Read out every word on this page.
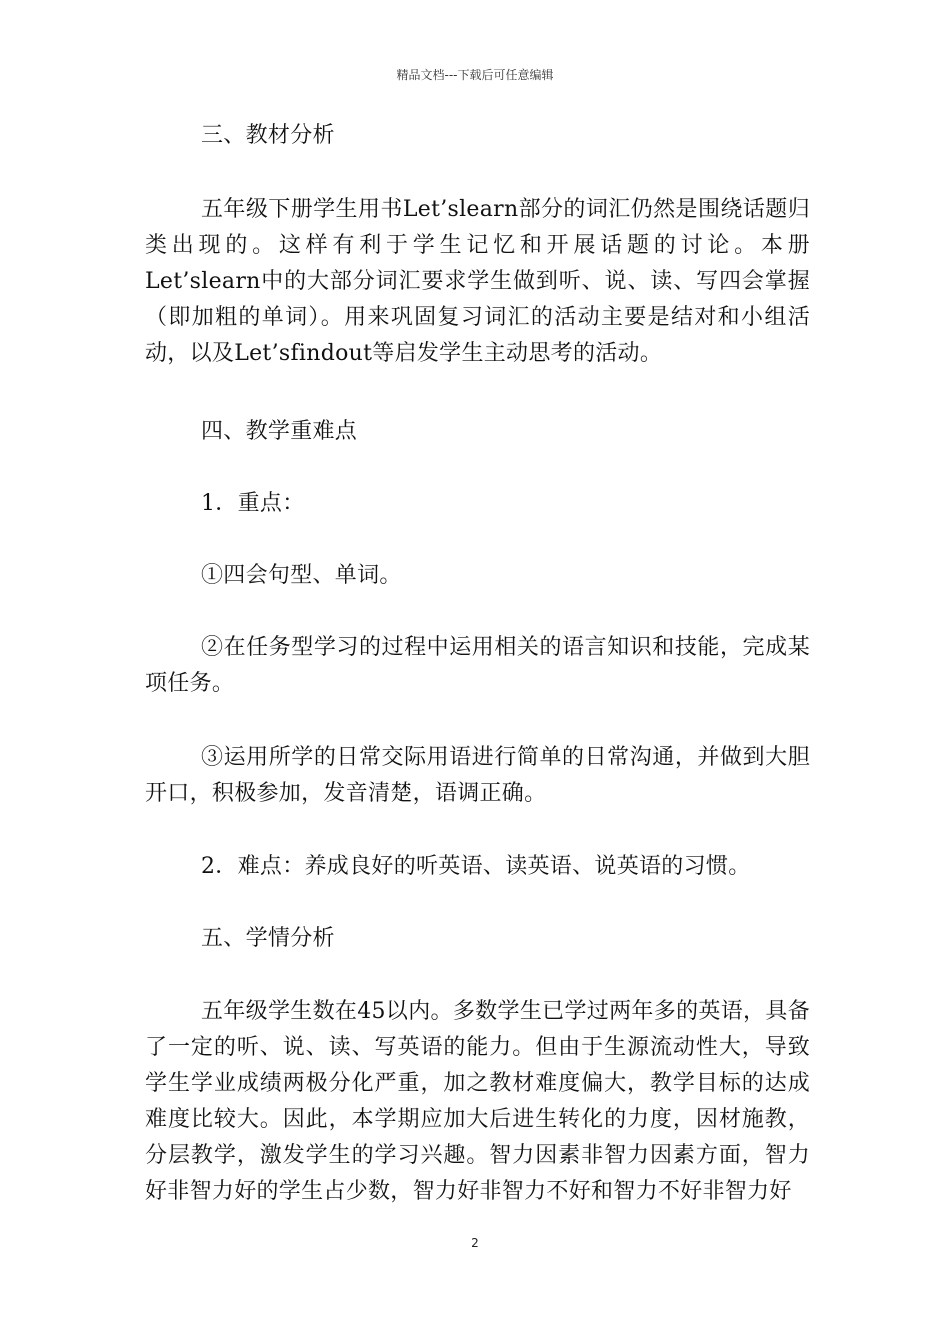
精品文档---下载后可任意编辑

三、教材分析

五年级下册学生用书Let’slearn部分的词汇仍然是围绕话题归类出现的。这样有利于学生记忆和开展话题的讨论。本册Let’slearn中的大部分词汇要求学生做到听、说、读、写四会掌握（即加粗的单词）。用来巩固复习词汇的活动主要是结对和小组活动，以及Let’sfindout等启发学生主动思考的活动。

四、教学重难点

1．重点：

①四会句型、单词。

②在任务型学习的过程中运用相关的语言知识和技能，完成某项任务。

③运用所学的日常交际用语进行简单的日常沟通，并做到大胆开口，积极参加，发音清楚，语调正确。

2．难点：养成良好的听英语、读英语、说英语的习惯。

五、学情分析

五年级学生数在45以内。多数学生已学过两年多的英语，具备了一定的听、说、读、写英语的能力。但由于生源流动性大，导致学生学业成绩两极分化严重，加之教材难度偏大，教学目标的达成难度比较大。因此，本学期应加大后进生转化的力度，因材施教，分层教学，激发学生的学习兴趣。智力因素非智力因素方面，智力好非智力好的学生占少数，智力好非智力不好和智力不好非智力好

2
